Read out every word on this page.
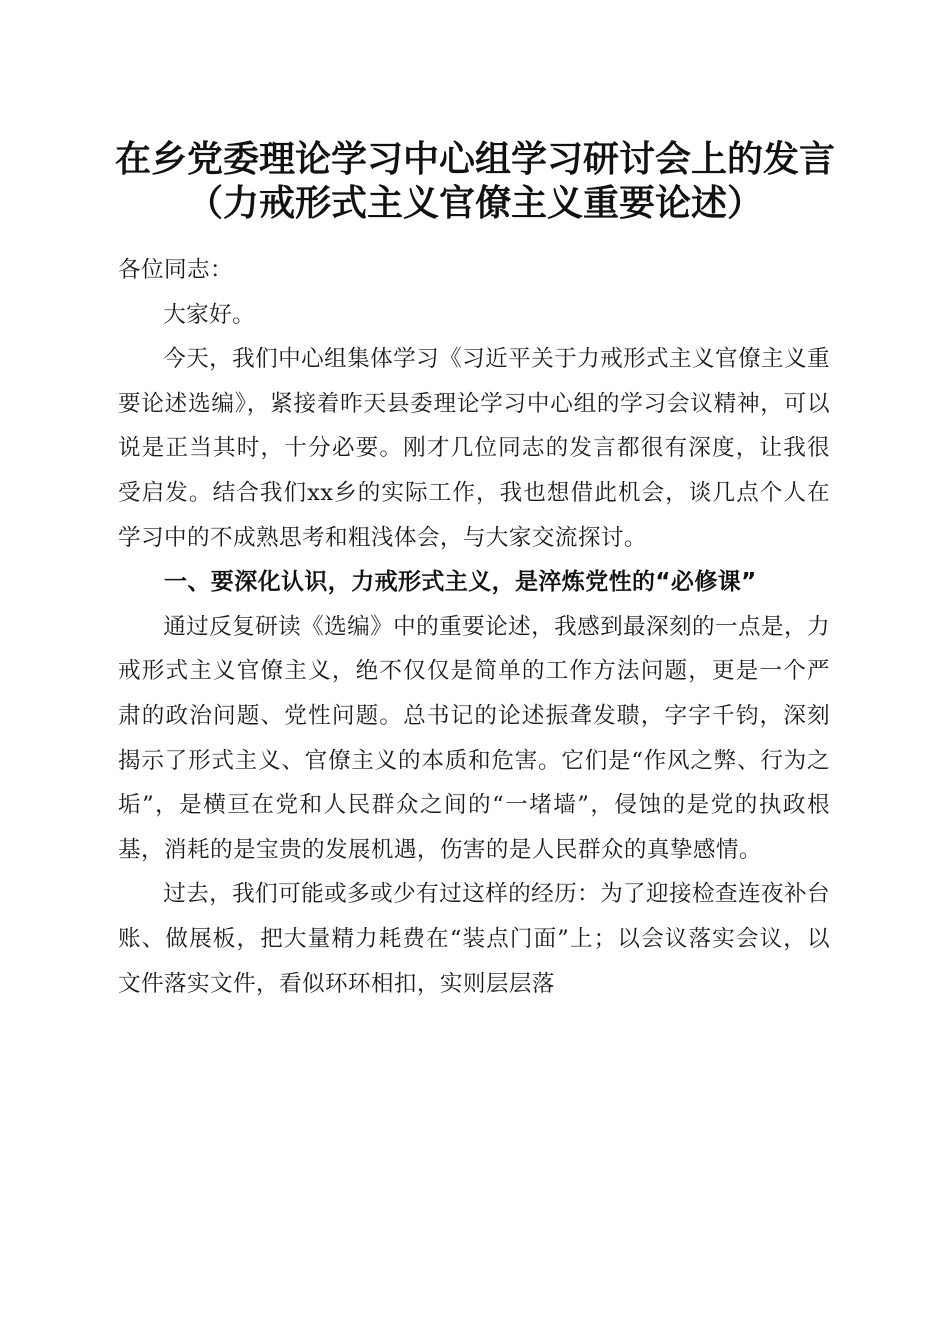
在乡党委理论学习中心组学习研讨会上的发言
（力戒形式主义官僚主义重要论述）

各位同志：

大家好。

今天，我们中心组集体学习《习近平关于力戒形式主义官僚主义重要论述选编》，紧接着昨天县委理论学习中心组的学习会议精神，可以说是正当其时，十分必要。刚才几位同志的发言都很有深度，让我很受启发。结合我们xx乡的实际工作，我也想借此机会，谈几点个人在学习中的不成熟思考和粗浅体会，与大家交流探讨。

一、要深化认识，力戒形式主义，是淬炼党性的“必修课”

通过反复研读《选编》中的重要论述，我感到最深刻的一点是，力戒形式主义官僚主义，绝不仅仅是简单的工作方法问题，更是一个严肃的政治问题、党性问题。总书记的论述振聋发聩，字字千钧，深刻揭示了形式主义、官僚主义的本质和危害。它们是“作风之弊、行为之垢”，是横亘在党和人民群众之间的“一堵墙”，侵蚀的是党的执政根基，消耗的是宝贵的发展机遇，伤害的是人民群众的真挚感情。

过去，我们可能或多或少有过这样的经历：为了迎接检查连夜补台账、做展板，把大量精力耗费在“装点门面”上；以会议落实会议，以文件落实文件，看似环环相扣，实则层层落
